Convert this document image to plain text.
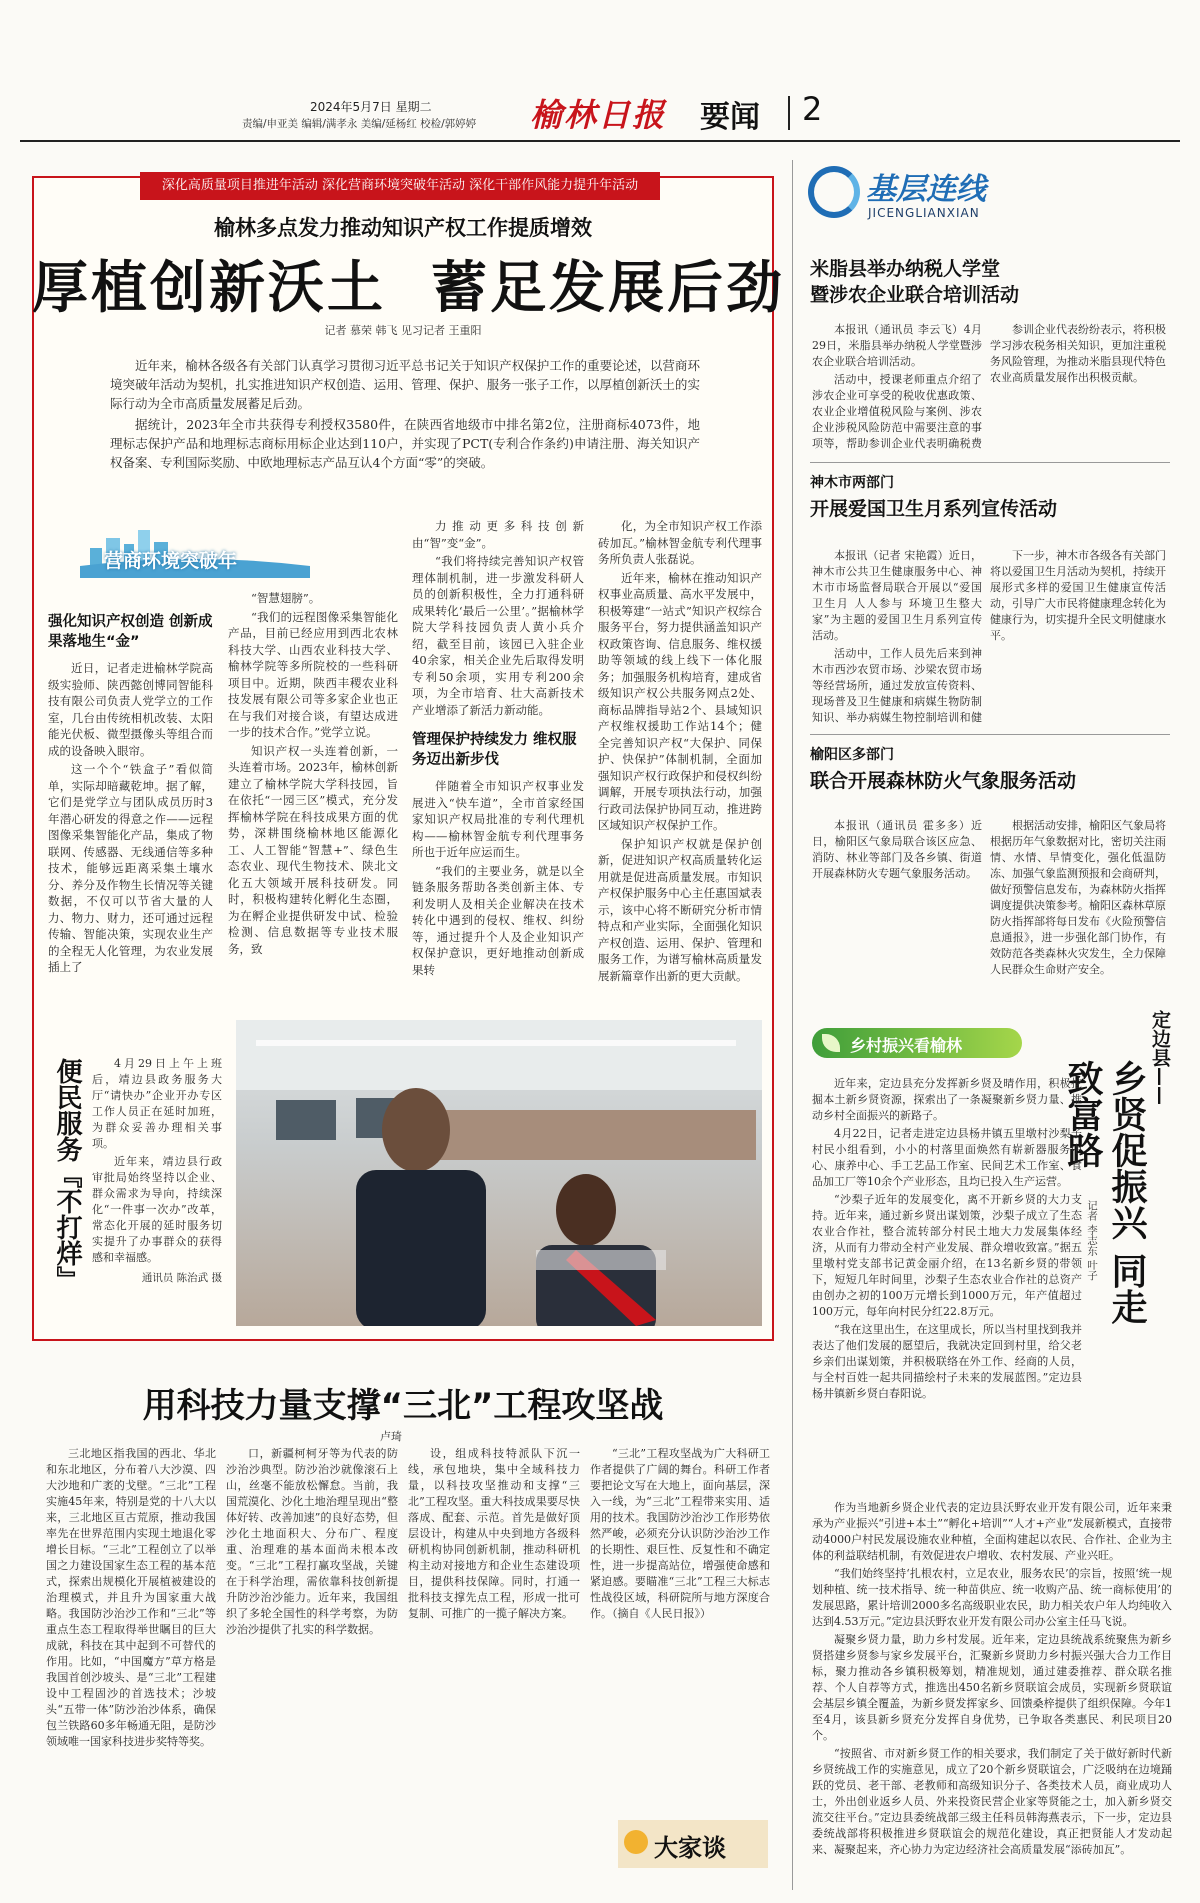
2024年5月7日 星期二
责编/申亚美 编辑/满孝永 美编/延杨红 校检/郭婷婷 榆林日报 要闻 2
深化高质量项目推进年活动 深化营商环境突破年活动 深化干部作风能力提升年活动
榆林多点发力推动知识产权工作提质增效
厚植创新沃土  蓄足发展后劲
记者 慕荣 韩飞 见习记者 王重阳

近年来，榆林各级各有关部门认真学习贯彻习近平总书记关于知识产权保护工作的重要论述，以营商环境突破年活动为契机，扎实推进知识产权创造、运用、管理、保护、服务一张子工作，以厚植创新沃土的实际行动为全市高质量发展蓄足后劲。

据统计，2023年全市共获得专利授权3580件，在陕西省地级市中排名第2位，注册商标4073件，地理标志保护产品和地理标志商标用标企业达到110户，并实现了PCT(专利合作条约)申请注册、海关知识产权备案、专利国际奖励、中欧地理标志产品互认4个方面“零”的突破。

营商环境突破年
强化知识产权创造 创新成果落地生“金”

近日，记者走进榆林学院高级实验师、陕西懿创博同智能科技有限公司负责人党学立的工作室，几台由传统相机改装、太阳能光伏板、微型摄像头等组合而成的设备映入眼帘。

这一个个“铁盒子”看似简单，实际却暗藏乾坤。据了解，它们是党学立与团队成员历时3年潜心研发的得意之作——远程图像采集智能化产品，集成了物联网、传感器、无线通信等多种技术，能够远距离采集土壤水分、养分及作物生长情况等关键数据，不仅可以节省大量的人力、物力、财力，还可通过远程传输、智能决策，实现农业生产的全程无人化管理，为农业发展插上了

“智慧翅膀”。

“我们的远程图像采集智能化产品，目前已经应用到西北农林科技大学、山西农业科技大学、榆林学院等多所院校的一些科研项目中。近期，陕西丰稷农业科技发展有限公司等多家企业也正在与我们对接合谈，有望达成进一步的技术合作。”党学立说。

知识产权一头连着创新，一头连着市场。2023年，榆林创新建立了榆林学院大学科技园，旨在依托“一园三区”模式，充分发挥榆林学院在科技成果方面的优势，深耕围绕榆林地区能源化工、人工智能“智慧+”、绿色生态农业、现代生物技术、陕北文化五大领域开展科技研发。同时，积极构建转化孵化生态圈，为在孵企业提供研发中试、检验检测、信息数据等专业技术服务，致

力推动更多科技创新由“智”变“金”。

“我们将持续完善知识产权管理体制机制，进一步激发科研人员的创新积极性，全力打通科研成果转化‘最后一公里’。”据榆林学院大学科技园负责人黄小兵介绍，截至目前，该园已入驻企业40余家，相关企业先后取得发明专利50余项，实用专利200余项，为全市培育、壮大高新技术产业增添了新活力新动能。

管理保护持续发力 维权服务迈出新步伐

伴随着全市知识产权事业发展进入“快车道”，全市首家经国家知识产权局批准的专利代理机构——榆林智金航专利代理事务所也于近年应运而生。

“我们的主要业务，就是以全链条服务帮助各类创新主体、专利发明人及相关企业解决在技术转化中遇到的侵权、维权、纠纷等，通过提升个人及企业知识产权保护意识，更好地推动创新成果转

化，为全市知识产权工作添砖加瓦。”榆林智金航专利代理事务所负责人张磊说。

近年来，榆林在推动知识产权事业高质量、高水平发展中，积极筹建“一站式”知识产权综合服务平台，努力提供涵盖知识产权政策咨询、信息服务、维权援助等领域的线上线下一体化服务；加强服务机构培育，建成省级知识产权公共服务网点2处、商标品牌指导站2个、县域知识产权维权援助工作站14个；健全完善知识产权“大保护、同保护、快保护”体制机制，全面加强知识产权行政保护和侵权纠纷调解，开展专项执法行动，加强行政司法保护协同互动，推进跨区域知识产权保护工作。

保护知识产权就是保护创新，促进知识产权高质量转化运用就是促进高质量发展。市知识产权保护服务中心主任惠国斌表示，该中心将不断研究分析市情特点和产业实际，全面强化知识产权创造、运用、保护、管理和服务工作，为谱写榆林高质量发展新篇章作出新的更大贡献。

便民服务『不打烊』	4月29日上午上班后，靖边县政务服务大厅“请快办”企业开办专区工作人员正在延时加班，为群众妥善办理相关事项。

近年来，靖边县行政审批局始终坚持以企业、群众需求为导向，持续深化“一件事一次办”改革，常态化开展的延时服务切实提升了办事群众的获得感和幸福感。

通讯员 陈治武 摄
用科技力量支撑“三北”工程攻坚战
卢琦

三北地区指我国的西北、华北和东北地区，分布着八大沙漠、四大沙地和广袤的戈壁。“三北”工程实施45年来，特别是党的十八大以来，三北地区亘古荒原，推动我国率先在世界范围内实现土地退化零增长目标。“三北”工程创立了以举国之力建设国家生态工程的基本范式，探索出规模化开展植被建设的治理模式，并且升为国家重大战略。我国防沙治沙工作和“三北”等重点生态工程取得举世瞩目的巨大成就，科技在其中起到不可替代的作用。比如，“中国魔方”草方格是我国首创沙坡头、是“三北”工程建设中工程固沙的首选技术；沙坡头“五带一体”防沙治沙体系，确保包兰铁路60多年畅通无阻，是防沙领域唯一国家科技进步奖特等奖。

口，新疆柯柯牙等为代表的防沙治沙典型。防沙治沙就像滚石上山，丝毫不能放松懈怠。当前，我国荒漠化、沙化土地治理呈现出“整体好转、改善加速”的良好态势，但沙化土地面积大、分布广、程度重、治理难的基本面尚未根本改变。“三北”工程打赢攻坚战，关键在于科学治理，需依靠科技创新提升防沙治沙能力。近年来，我国组织了多轮全国性的科学考察，为防沙治沙提供了扎实的科学数据。

设，组成科技特派队下沉一线，承包地块，集中全域科技力量，以科技攻坚推动和支撑“三北”工程攻坚。重大科技成果要尽快落成、配套、示范。首先是做好顶层设计，构建从中央到地方各级科研机构协同创新机制，推动科研机构主动对接地方和企业生态建设项目，提供科技保障。同时，打通一批科技支撑先点工程，形成一批可复制、可推广的一揽子解决方案。

“三北”工程攻坚战为广大科研工作者提供了广阔的舞台。科研工作者要把论文写在大地上，面向基层，深入一线，为“三北”工程带来实用、适用的技术。我国防沙治沙工作形势依然严峻，必须充分认识防沙治沙工作的长期性、艰巨性、反复性和不确定性，进一步提高站位，增强使命感和紧迫感。要瞄准“三北”工程三大标志性战役区域，科研院所与地方深度合作。（摘自《人民日报》）

大家谈
基层连线
JICENGLIANXIAN
米脂县举办纳税人学堂
暨涉农企业联合培训活动

本报讯（通讯员 李云飞）4月29日，米脂县举办纳税人学堂暨涉农企业联合培训活动。

活动中，授课老师重点介绍了涉农企业可享受的税收优惠政策、农业企业增值税风险与案例、涉农企业涉税风险防范中需要注意的事项等，帮助参训企业代表明确税费

参训企业代表纷纷表示，将积极学习涉农税务相关知识，更加注重税务风险管理，为推动米脂县现代特色农业高质量发展作出积极贡献。

神木市两部门
开展爱国卫生月系列宣传活动

本报讯（记者 宋艳霞）近日，神木市公共卫生健康服务中心、神木市市场监督局联合开展以“爱国卫生月 人人参与 环境卫生整大家”为主题的爱国卫生月系列宣传活动。

活动中，工作人员先后来到神木市西沙农贸市场、沙梁农贸市场等经营场所，通过发放宣传资料、现场普及卫生健康和病媒生物防制知识、举办病媒生物控制培训和健

下一步，神木市各级各有关部门将以爱国卫生月活动为契机，持续开展形式多样的爱国卫生健康宣传活动，引导广大市民将健康理念转化为健康行为，切实提升全民文明健康水平。

榆阳区多部门
联合开展森林防火气象服务活动

本报讯（通讯员 霍多多）近日，榆阳区气象局联合该区应急、消防、林业等部门及各乡镇、街道开展森林防火专题气象服务活动。

根据活动安排，榆阳区气象局将根据历年气象数据对比，密切关注雨情、水情、旱情变化，强化低温防冻、加强气象监测预报和会商研判，做好预警信息发布，为森林防火指挥调度提供决策参考。榆阳区森林草原防火指挥部将每日发布《火险预警信息通报》，进一步强化部门协作，有效防范各类森林火灾发生，全力保障人民群众生命财产安全。

乡村振兴看榆林	定边县——
乡贤促振兴 同走致富路
记者 李志东 叶子

近年来，定边县充分发挥新乡贤及晴作用，积极挖掘本土新乡贤资源，探索出了一条凝聚新乡贤力量、推动乡村全面振兴的新路子。

4月22日，记者走进定边县杨井镇五里墩村沙梨子村民小组看到，小小的村落里面焕然有崭新器服务中心、康养中心、手工艺品工作室、民间艺术工作室、食品加工厂等10余个产业形态，且均已投入生产运营。

“沙梨子近年的发展变化，离不开新乡贤的大力支持。近年来，通过新乡贤出谋划策，沙梨子成立了生态农业合作社，整合流转部分村民土地大力发展集体经济，从而有力带动全村产业发展、群众增收致富。”据五里墩村党支部书记黄金丽介绍，在13名新乡贤的带领下，短短几年时间里，沙梨子生态农业合作社的总资产由创办之初的100万元增长到1000万元，年产值超过100万元，每年向村民分红22.8万元。

“我在这里出生，在这里成长，所以当村里找到我并表达了他们发展的愿望后，我就决定回到村里，给父老乡亲们出谋划策，并积极联络在外工作、经商的人员，与全村百姓一起共同描绘村子未来的发展蓝图。”定边县杨井镇新乡贤白春阳说。

作为当地新乡贤企业代表的定边县沃野农业开发有限公司，近年来秉承为产业振兴“引进+本土”“孵化+培训”“人才+产业”发展新模式，直接带动4000户村民发展设施农业种植，全面构建起以农民、合作社、企业为主体的利益联结机制，有效促进农户增收、农村发展、产业兴旺。

“我们始终坚持‘扎根农村，立足农业，服务农民’的宗旨，按照‘统一规划种植、统一技术指导、统一种苗供应、统一收购产品、统一商标使用’的发展思路，累计培训2000多名高级职业农民，助力相关农户年人均纯收入达到4.53万元。”定边县沃野农业开发有限公司办公室主任马飞说。

凝聚乡贤力量，助力乡村发展。近年来，定边县统战系统聚焦为新乡贤搭建乡贤参与家乡发展平台，汇聚新乡贤助力乡村振兴强大合力工作目标，聚力推动各乡镇积极筹划，精准规划，通过建委推荐、群众联名推荐、个人自荐等方式，推选出450名新乡贤联谊会成员，实现新乡贤联谊会基层乡镇全覆盖，为新乡贤发挥家乡、回馈桑梓提供了组织保障。今年1至4月，该县新乡贤充分发挥自身优势，已争取各类惠民、利民项目20个。

“按照省、市对新乡贤工作的相关要求，我们制定了关于做好新时代新乡贤统战工作的实施意见，成立了20个新乡贤联谊会，广泛吸纳在边境踊跃的党员、老干部、老教师和高级知识分子、各类技术人员，商业成功人士，外出创业返乡人员、外来投资民营企业家等贤能之士，加入新乡贤交流交往平台。”定边县委统战部三级主任科员韩海燕表示，下一步，定边县委统战部将积极推进乡贤联谊会的规范化建设，真正把贤能人才发动起来、凝聚起来，齐心协力为定边经济社会高质量发展“添砖加瓦”。
